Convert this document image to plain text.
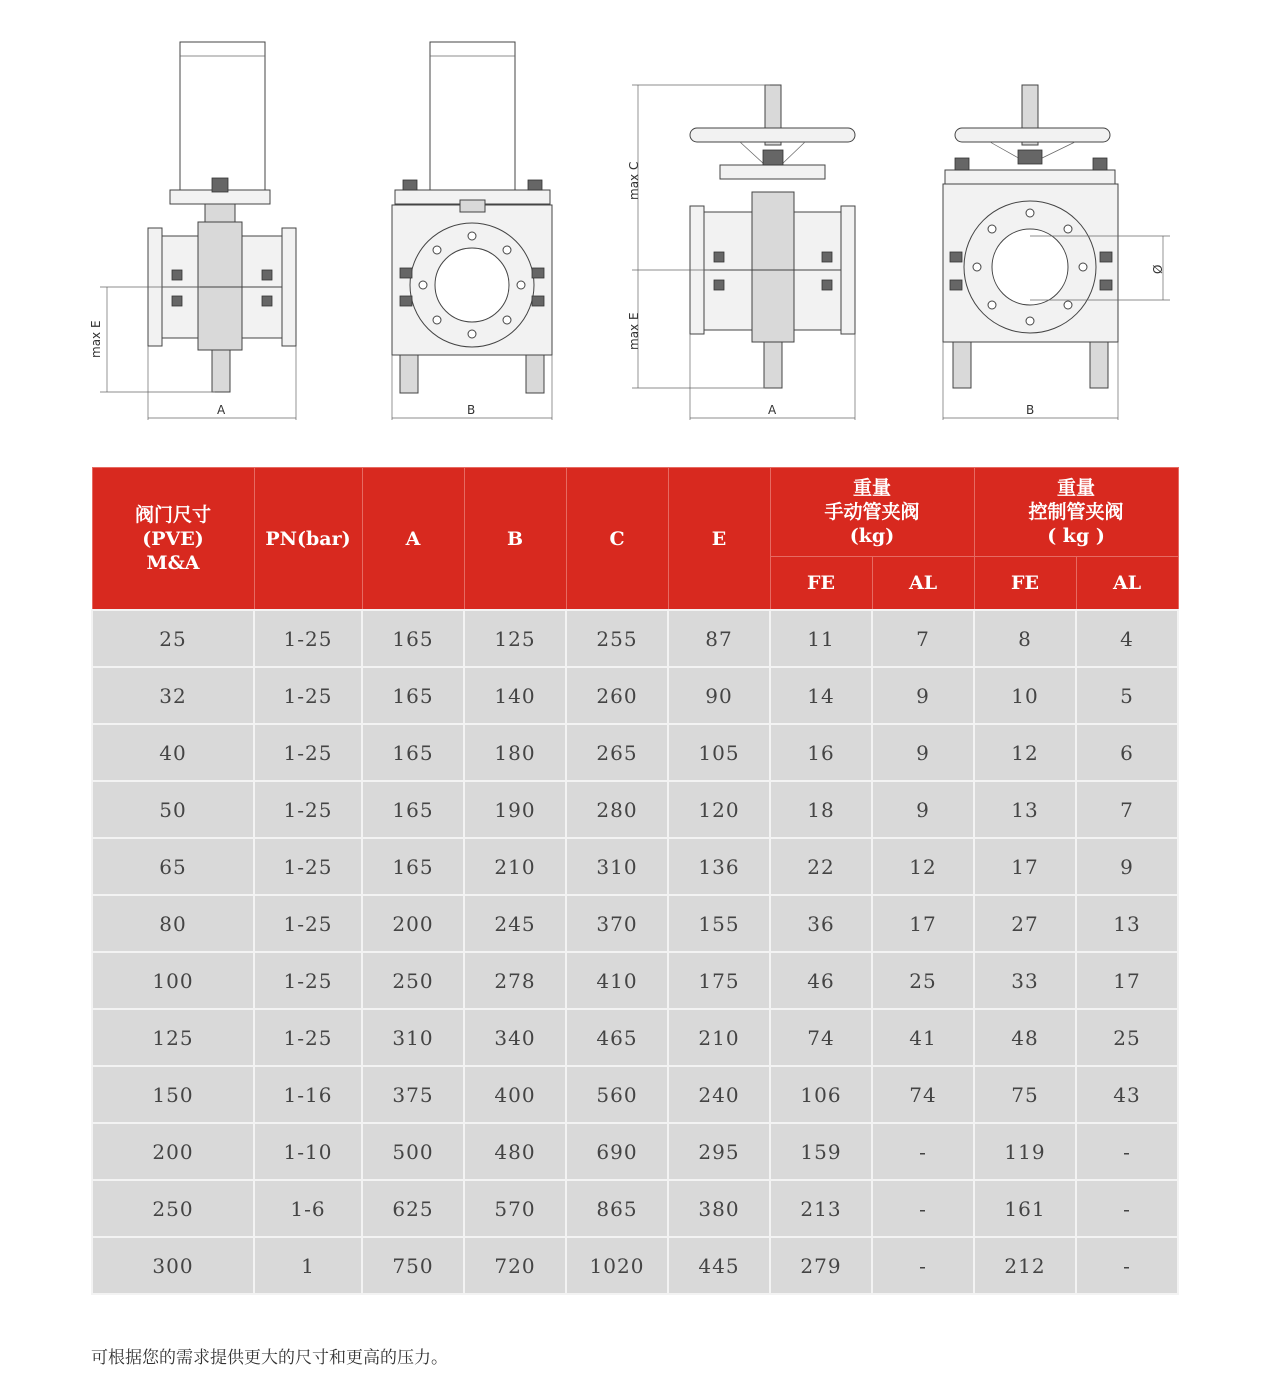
max E
A	B
max C
max E
A
Ø
B
阀门尺寸
(PVE)
M&A	PN(bar)	A	B	C	E	重量
手动管夹阀
(kg)		重量
控制管夹阀
( kg )	

						FE	AL	FE	AL
25	1-25	165	125	255	87	11	7	8	4
32	1-25	165	140	260	90	14	9	10	5
40	1-25	165	180	265	105	16	9	12	6
50	1-25	165	190	280	120	18	9	13	7
65	1-25	165	210	310	136	22	12	17	9
80	1-25	200	245	370	155	36	17	27	13
100	1-25	250	278	410	175	46	25	33	17
125	1-25	310	340	465	210	74	41	48	25
150	1-16	375	400	560	240	106	74	75	43
200	1-10	500	480	690	295	159	-	119	-
250	1-6	625	570	865	380	213	-	161	-
300	1	750	720	1020	445	279	-	212	-

可根据您的需求提供更大的尺寸和更高的压力。
